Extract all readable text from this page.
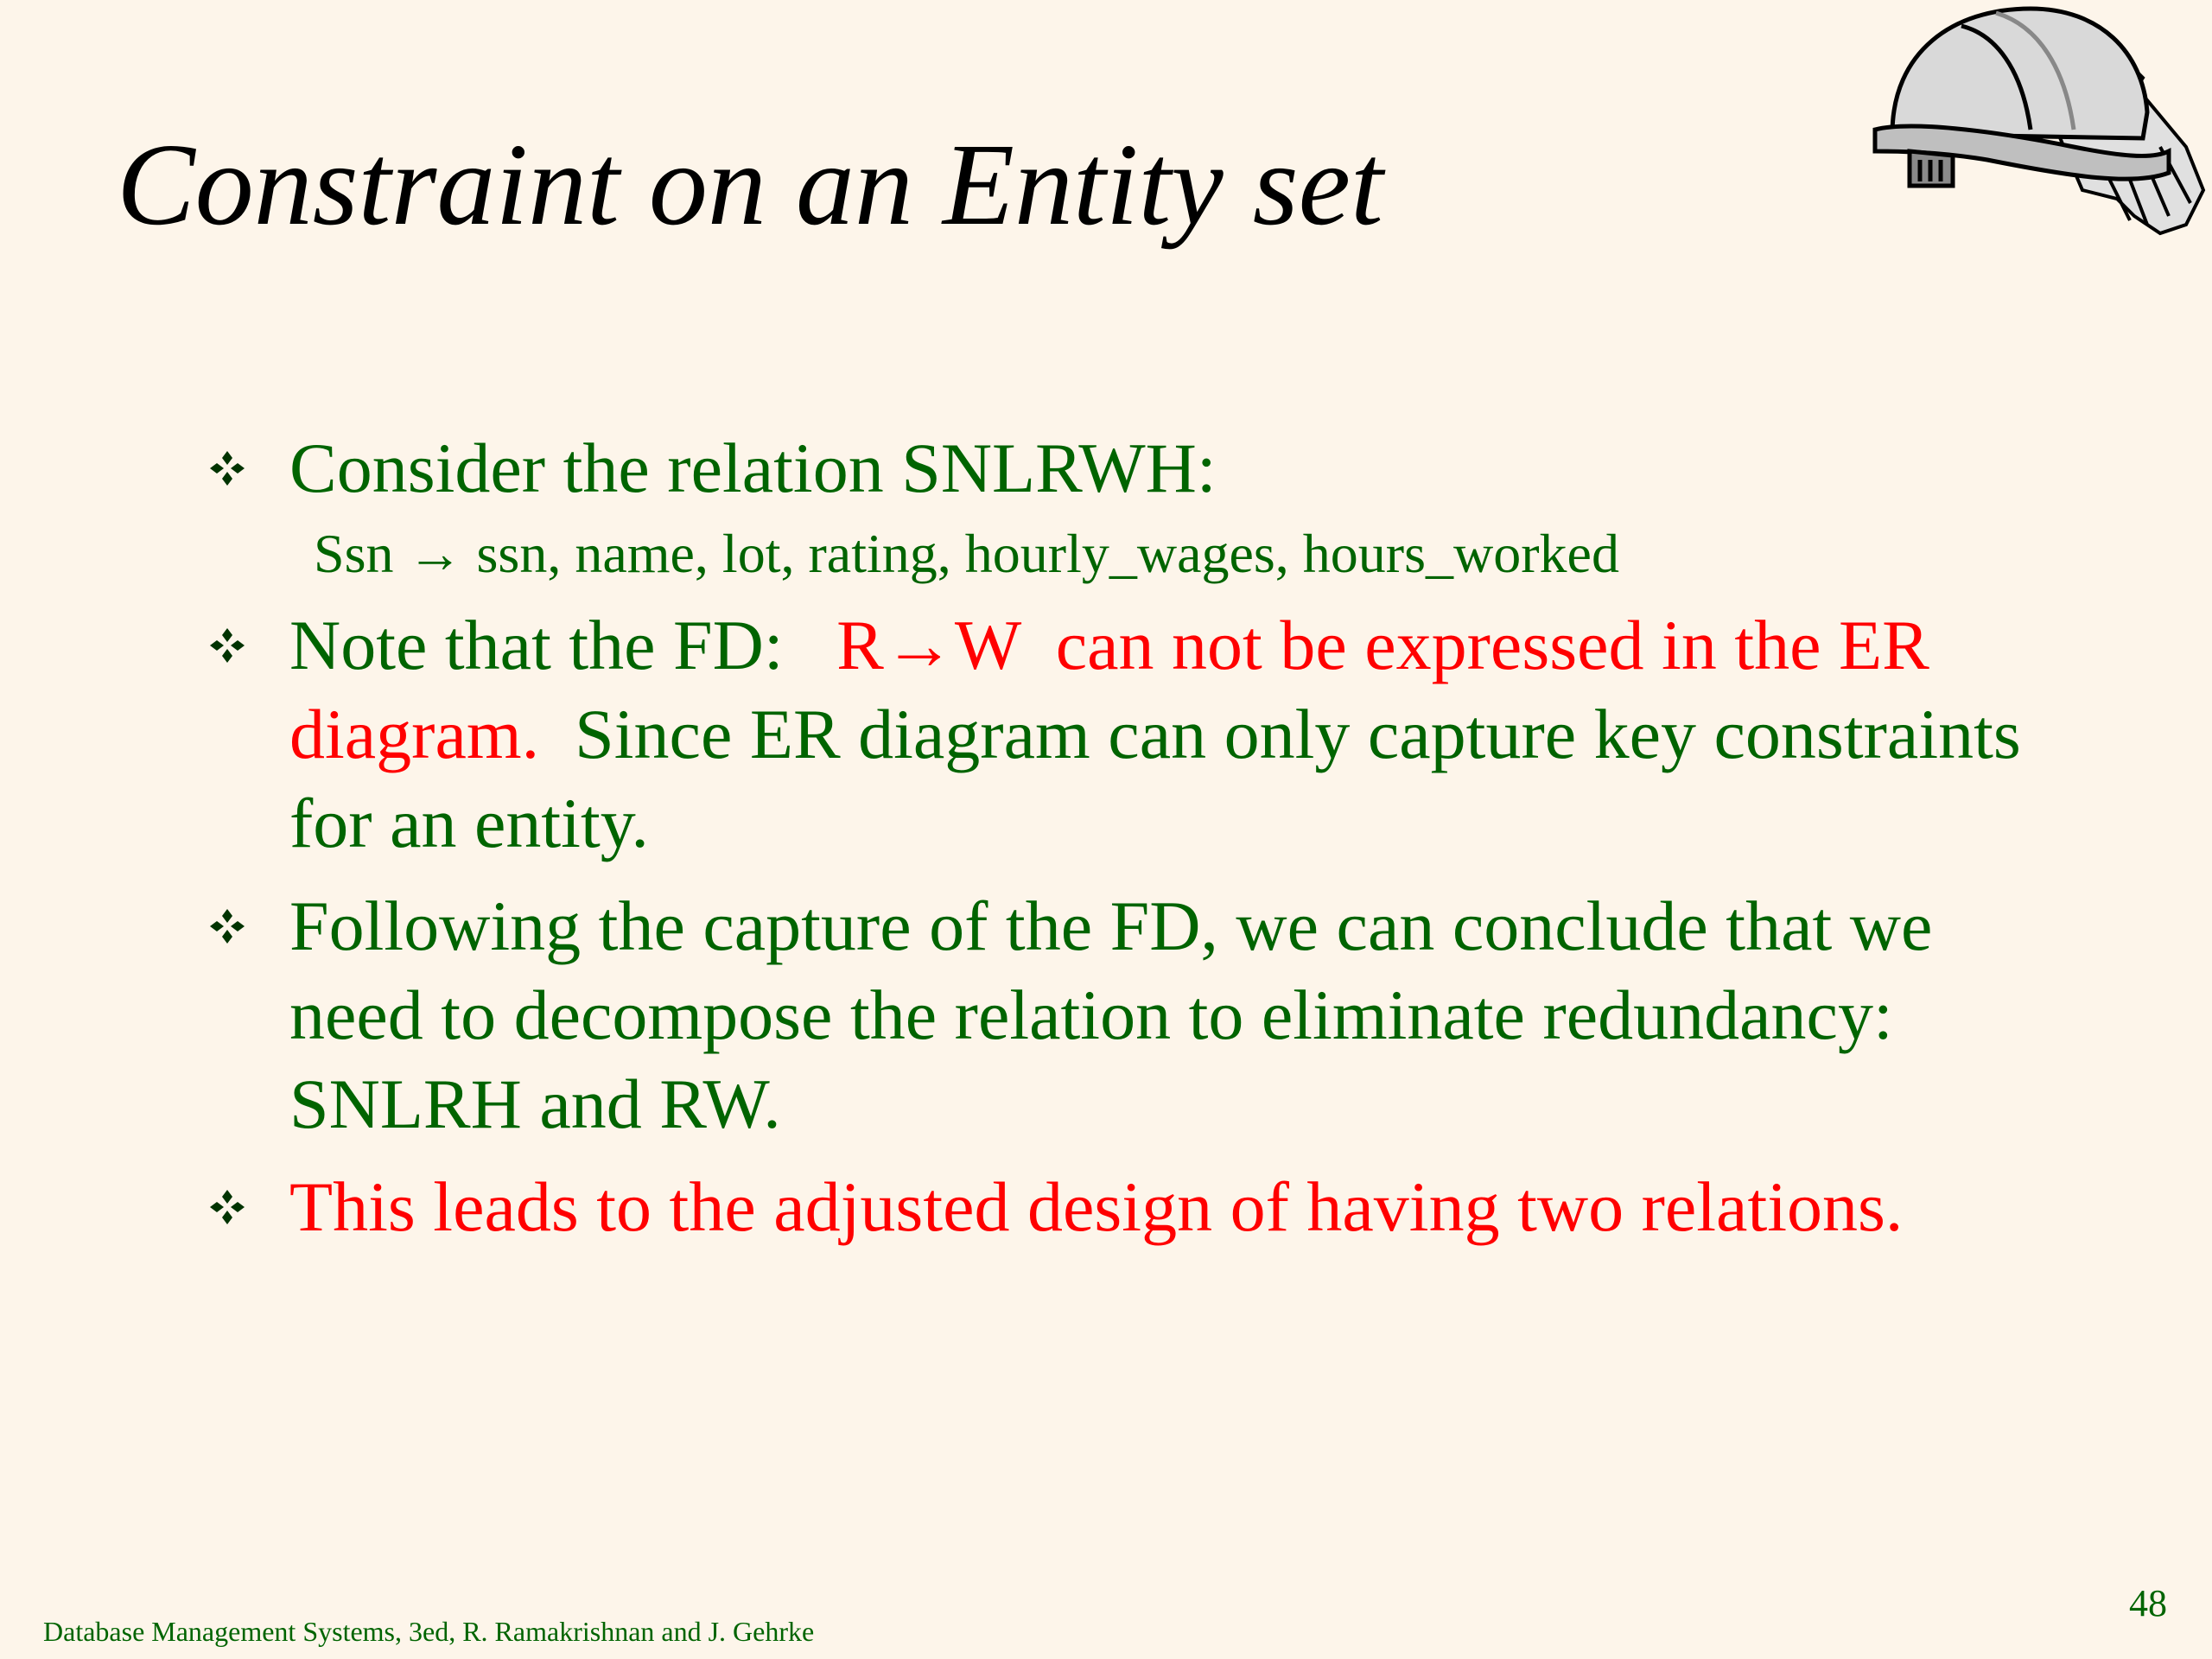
Constraint on an Entity set
Consider the relation SNLRWH:
Ssn → ssn, name, lot, rating, hourly_wages, hours_worked
Note that the FD:   R→W  can not be expressed in the ER diagram.  Since ER diagram can only capture key constraints for an entity.
Following the capture of the FD, we can conclude that we need to decompose the relation to eliminate redundancy: SNLRH and RW.
This leads to the adjusted design of having two relations.
Database Management Systems, 3ed, R. Ramakrishnan and J. Gehrke
48
